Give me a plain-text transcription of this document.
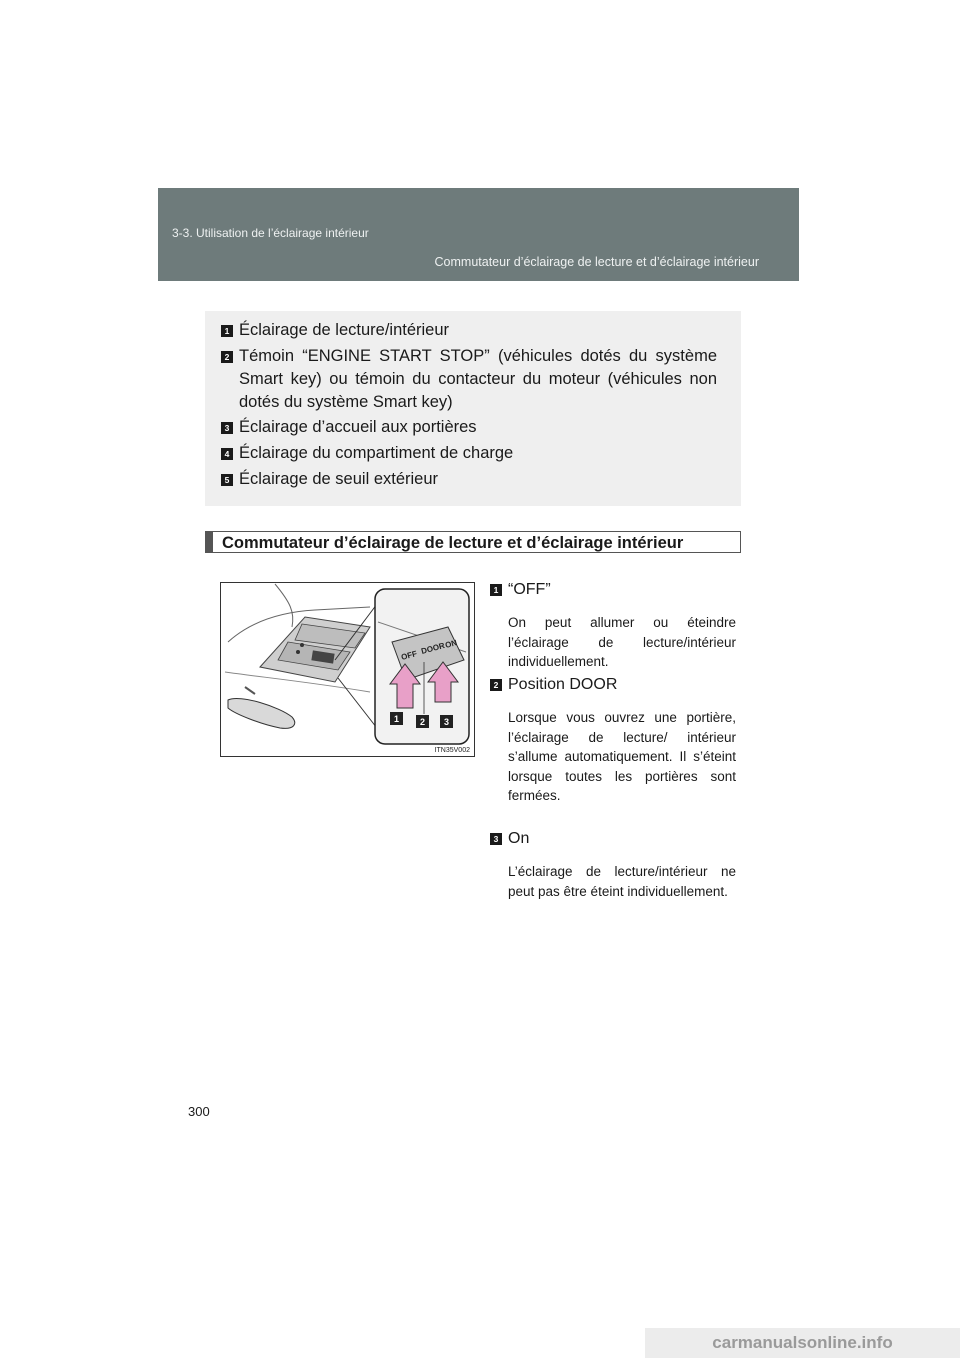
3-3. Utilisation de l’éclairage intérieur
Commutateur d’éclairage de lecture et d’éclairage intérieur
1 Éclairage de lecture/intérieur
2 Témoin “ENGINE START STOP” (véhicules dotés du système Smart key) ou témoin du contacteur du moteur (véhicules non dotés du système Smart key)
3 Éclairage d’accueil aux portières
4 Éclairage du compartiment de charge
5 Éclairage de seuil extérieur
Commutateur d’éclairage de lecture et d’éclairage intérieur
OFF DOOR
ON
1 2 3
ITN35V002
1 “OFF”
On peut allumer ou éteindre l’éclairage de lecture/intérieur individuellement.
2 Position DOOR
Lorsque vous ouvrez une portière, l’éclairage de lecture/ intérieur s’allume automatiquement. Il s’éteint lorsque toutes les portières sont fermées.
3 On
L’éclairage de lecture/intérieur ne peut pas être éteint individuellement.
300
carmanualsonline.info
